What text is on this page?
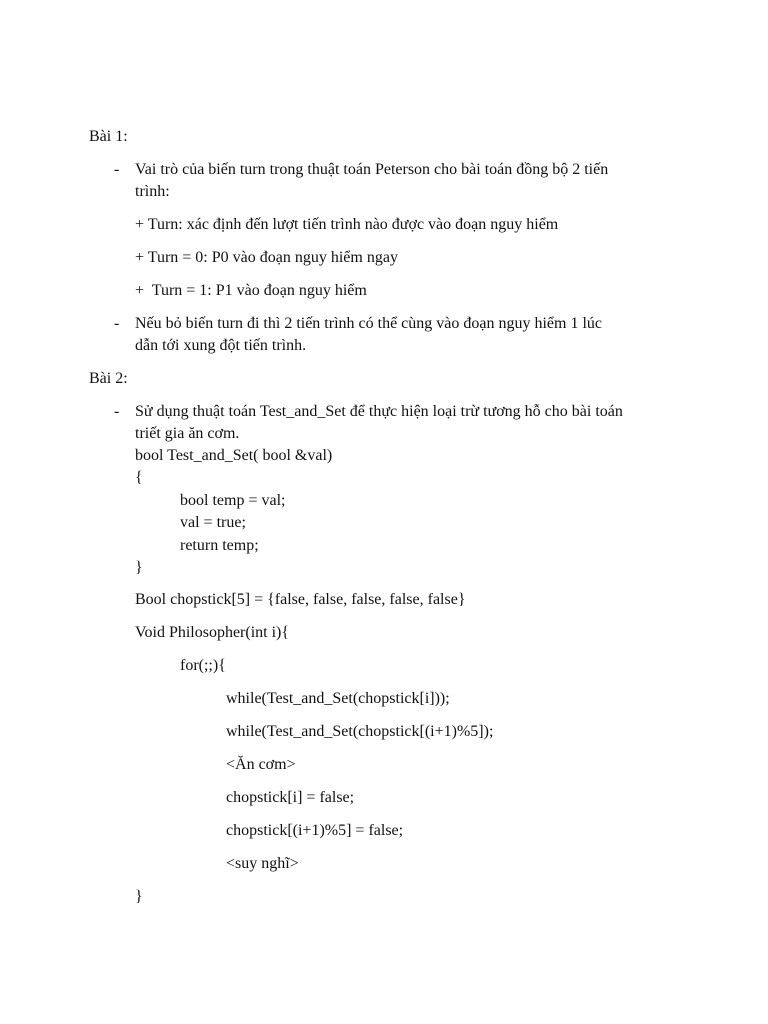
Bài 1:
- Vai trò của biến turn trong thuật toán Peterson cho bài toán đồng bộ 2 tiến
trình:
+ Turn: xác định đến lượt tiến trình nào được vào đoạn nguy hiểm
+ Turn = 0: P0 vào đoạn nguy hiểm ngay
+  Turn = 1: P1 vào đoạn nguy hiểm
- Nếu bỏ biến turn đi thì 2 tiến trình có thể cùng vào đoạn nguy hiểm 1 lúc
dẫn tới xung đột tiến trình.
Bài 2:
- Sử dụng thuật toán Test_and_Set để thực hiện loại trừ tương hỗ cho bài toán
triết gia ăn cơm.
bool Test_and_Set( bool &val)
{
bool temp = val;
val = true;
return temp;
}
Bool chopstick[5] = {false, false, false, false, false}
Void Philosopher(int i){
for(;;){
while(Test_and_Set(chopstick[i]));
while(Test_and_Set(chopstick[(i+1)%5]);
<Ăn cơm>
chopstick[i] = false;
chopstick[(i+1)%5] = false;
<suy nghĩ>
}
